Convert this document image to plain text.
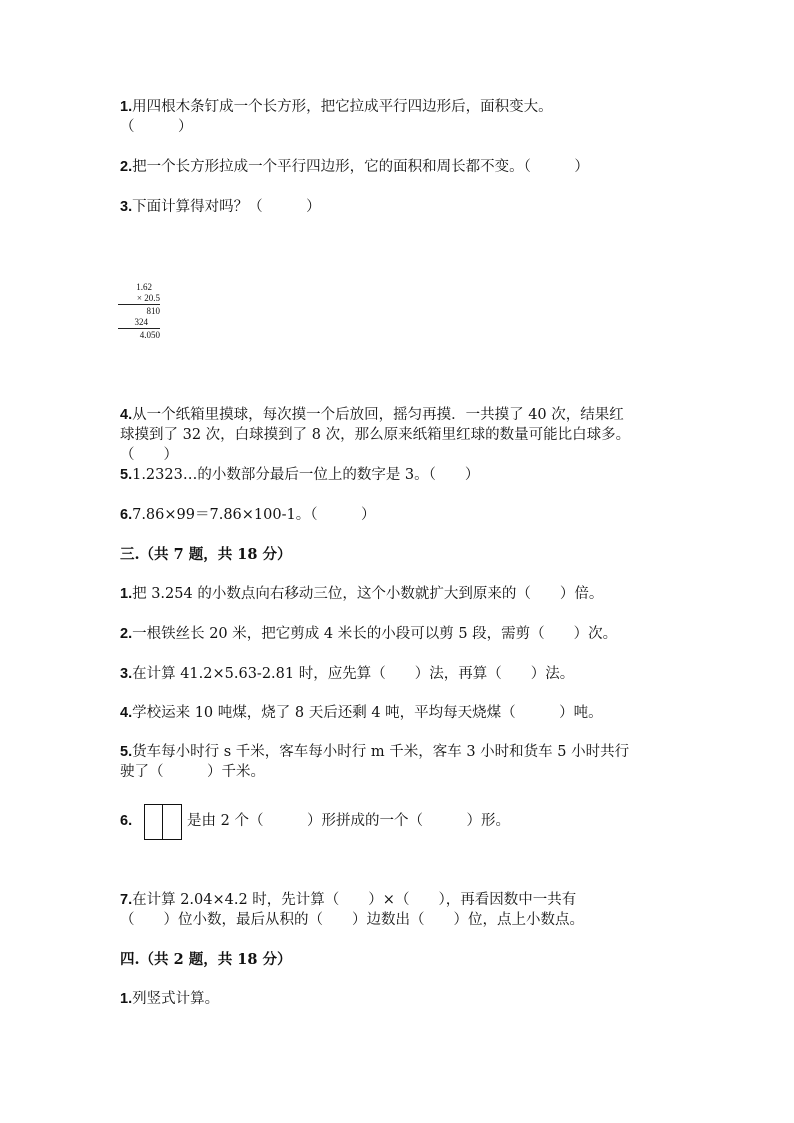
1.用四根木条钉成一个长方形，把它拉成平行四边形后，面积变大。
（　　　）
2.把一个长方形拉成一个平行四边形，它的面积和周长都不变。（　　　）
3.下面计算得对吗？（　　　）
1.62
× 20.5
810
324
4.050
4.从一个纸箱里摸球，每次摸一个后放回，摇匀再摸．一共摸了 40 次，结果红
球摸到了 32 次，白球摸到了 8 次，那么原来纸箱里红球的数量可能比白球多。
（　　）
5.1.2323…的小数部分最后一位上的数字是 3。（　　）
6.7.86×99＝7.86×100-1。（　　　）
三.（共 7 题，共 18 分）
1.把 3.254 的小数点向右移动三位，这个小数就扩大到原来的（　　）倍。
2.一根铁丝长 20 米，把它剪成 4 米长的小段可以剪 5 段，需剪（　　）次。
3.在计算 41.2×5.63-2.81 时，应先算（　　）法，再算（　　）法。
4.学校运来 10 吨煤，烧了 8 天后还剩 4 吨，平均每天烧煤（　　　）吨。
5.货车每小时行 s 千米，客车每小时行 m 千米，客车 3 小时和货车 5 小时共行
驶了（　　　）千米。
6.	是由 2 个（　　　）形拼成的一个（　　　）形。
7.在计算 2.04×4.2 时，先计算（　　）×（　　），再看因数中一共有
（　　）位小数，最后从积的（　　）边数出（　　）位，点上小数点。
四.（共 2 题，共 18 分）
1.列竖式计算。
